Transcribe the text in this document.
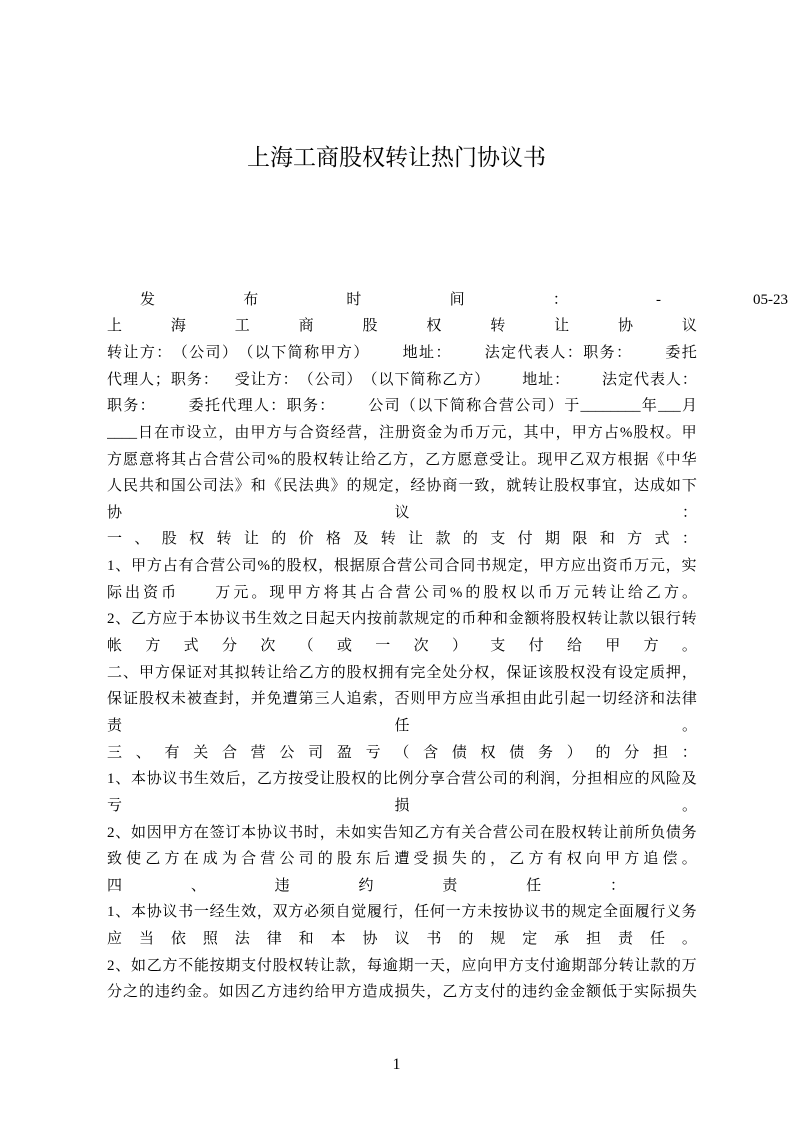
上海工商股权转让热门协议书
发	布	时	间	：	-	05-23
上	海	工	商	股	权	转	让	协	议
转 让 方 ： （ 公 司 ） （ 以 下 简 称 甲 方 ）

　 地 址 ：

　 法 定 代 表 人 ： 职 务 ：

　 委 托
代 理 人 ； 职 务 ：
　 受 让 方 ： （ 公 司 ） （ 以 下 简 称 乙 方 ）

　 地 址 ：

　 法 定 代 表 人 ：
职 务 ：

　 委 托 代 理 人 ： 职 务 ：

　 公 司 （ 以 下 简 称 合 营 公 司 ） 于 ________ 年 ___ 月
____ 日 在 市 设 立 ， 由 甲 方 与 合 资 经 营 ， 注 册 资 金 为 币 万 元 ， 其 中 ， 甲 方 占 % 股 权 。 甲
方 愿 意 将 其 占 合 营 公 司 % 的 股 权 转 让 给 乙 方 ， 乙 方 愿 意 受 让 。 现 甲 乙 双 方 根 据 《 中 华
人 民 共 和 国 公 司 法 》 和 《 民 法 典 》 的 规 定 ， 经 协 商 一 致 ， 就 转 让 股 权 事 宜 ， 达 成 如 下
协	议	：
一 、 股 权 转 让 的 价 格 及 转 让 款 的 支 付 期 限 和 方 式 ：
1 、 甲 方 占 有 合 营 公 司 % 的 股 权 ， 根 据 原 合 营 公 司 合 同 书 规 定 ， 甲 方 应 出 资 币 万 元 ， 实
际 出 资 币

　	万 元 。 现 甲 方 将 其 占 合 营 公 司 % 的 股 权 以 币 万 元 转 让 给 乙 方 。
2 、 乙 方 应 于 本 协 议 书 生 效 之 日 起 天 内 按 前 款 规 定 的 币 种 和 金 额 将 股 权 转 让 款 以 银 行 转
帐 方 式 分 次 （ 或 一 次 ） 支 付 给 甲 方 。
二 、 甲 方 保 证 对 其 拟 转 让 给 乙 方 的 股 权 拥 有 完 全 处 分 权 ， 保 证 该 股 权 没 有 设 定 质 押 ，
保 证 股 权 未 被 查 封 ， 并 免 遭 第 三 人 追 索 ， 否 则 甲 方 应 当 承 担 由 此 引 起 一 切 经 济 和 法 律
责	任	。
三 、 有 关 合 营 公 司 盈 亏 （ 含 债 权 债 务 ） 的 分 担 ：
1 、 本 协 议 书 生 效 后 ， 乙 方 按 受 让 股 权 的 比 例 分 享 合 营 公 司 的 利 润 ， 分 担 相 应 的 风 险 及
亏	损	。
2 、 如 因 甲 方 在 签 订 本 协 议 书 时 ， 未 如 实 告 知 乙 方 有 关 合 营 公 司 在 股 权 转 让 前 所 负 债 务
致 使 乙 方 在 成 为 合 营 公 司 的 股 东 后 遭 受 损 失 的 ， 乙 方 有 权 向 甲 方 追 偿 。
四	、	违	约	责	任	：
1 、 本 协 议 书 一 经 生 效 ， 双 方 必 须 自 觉 履 行 ， 任 何 一 方 未 按 协 议 书 的 规 定 全 面 履 行 义 务
应 当 依 照 法 律 和 本 协 议 书 的 规 定 承 担 责 任 。
2 、 如 乙 方 不 能 按 期 支 付 股 权 转 让 款 ， 每 逾 期 一 天 ， 应 向 甲 方 支 付 逾 期 部 分 转 让 款 的 万
分 之 的 违 约 金 。 如 因 乙 方 违 约 给 甲 方 造 成 损 失 ， 乙 方 支 付 的 违 约 金 金 额 低 于 实 际 损 失
1
